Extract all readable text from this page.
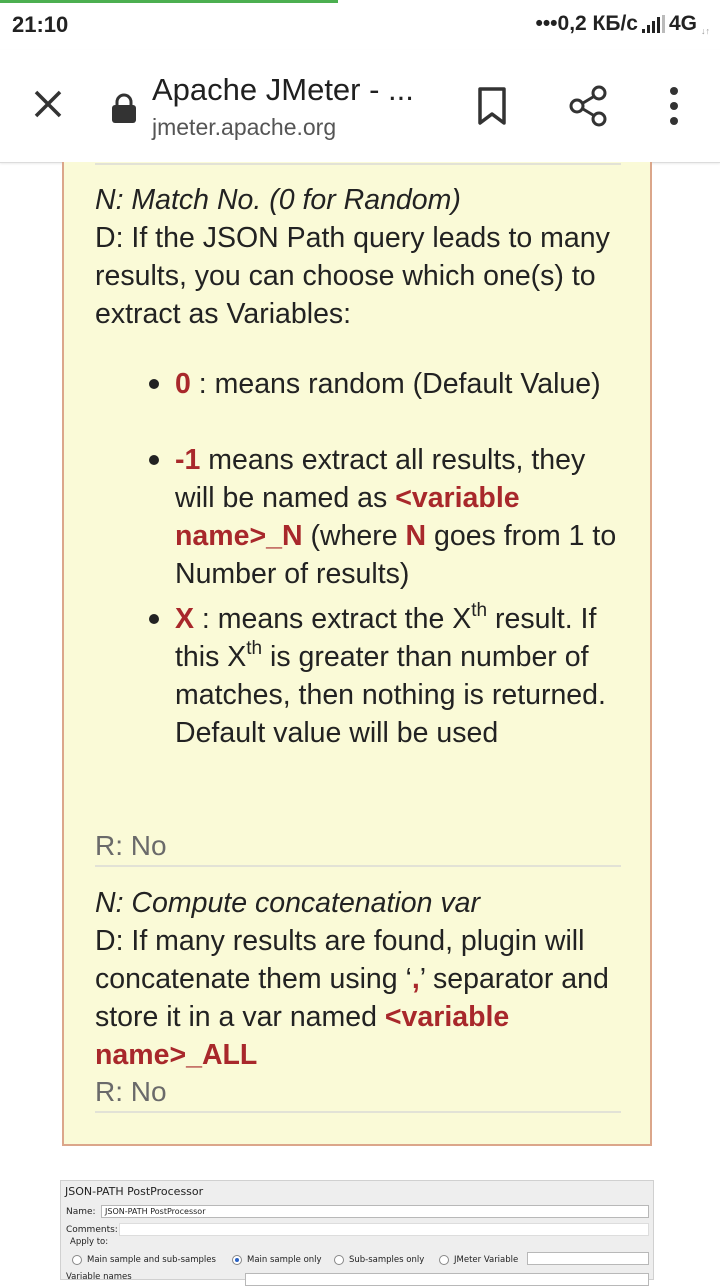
21:10	•••0,2 КБ/с 4G ↓↑
Apache JMeter - ...
jmeter.apache.org
N: Match No. (0 for Random)
D: If the JSON Path query leads to many results, you can choose which one(s) to extract as Variables:
0 : means random (Default Value)
-1 means extract all results, they will be named as <variable name>_N (where N goes from 1 to Number of results)
X : means extract the Xth result. If this Xth is greater than number of matches, then nothing is returned. Default value will be used
R: No
N: Compute concatenation var
D: If many results are found, plugin will concatenate them using ‘,’ separator and store it in a var named <variable name>_ALL
R: No
JSON-PATH PostProcessor
Name:	JSON-PATH PostProcessor
Comments:
Apply to:
Main sample and sub-samples	Main sample only	Sub-samples only	JMeter Variable
Variable names
